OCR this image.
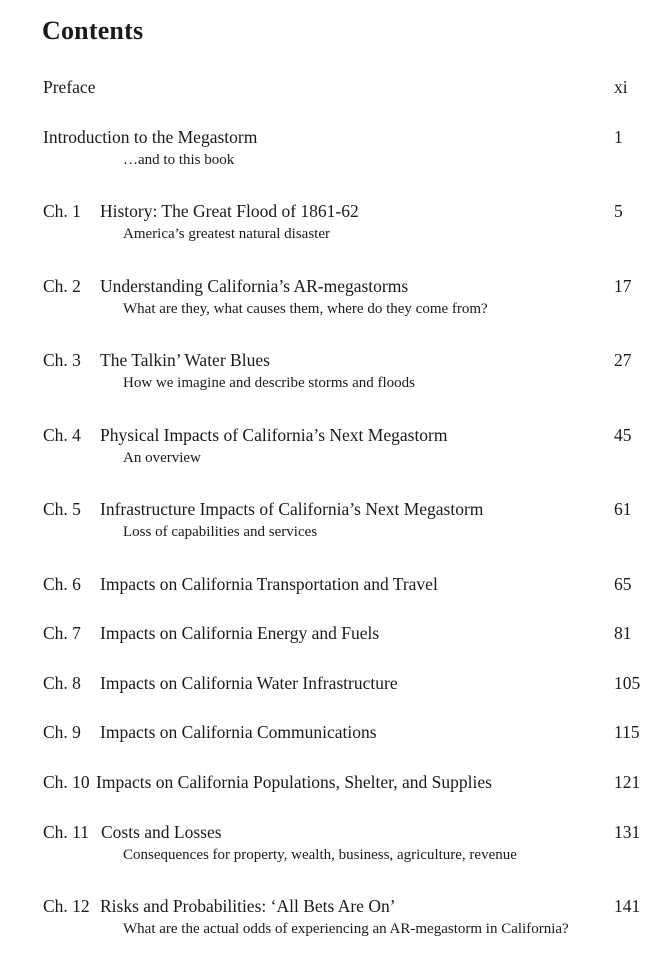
Contents
Preface	xi
Introduction to the Megastorm	1
…and to this book
Ch. 1 History: The Great Flood of 1861-62	5
America’s greatest natural disaster
Ch. 2 Understanding California’s AR-megastorms	17
What are they, what causes them, where do they come from?
Ch. 3 The Talkin’ Water Blues	27
How we imagine and describe storms and floods
Ch. 4 Physical Impacts of California’s Next Megastorm	45
An overview
Ch. 5 Infrastructure Impacts of California’s Next Megastorm	61
Loss of capabilities and services
Ch. 6 Impacts on California Transportation and Travel	65
Ch. 7 Impacts on California Energy and Fuels	81
Ch. 8 Impacts on California Water Infrastructure	105
Ch. 9 Impacts on California Communications	115
Ch. 10 Impacts on California Populations, Shelter, and Supplies	121
Ch. 11 Costs and Losses	131
Consequences for property, wealth, business, agriculture, revenue
Ch. 12 Risks and Probabilities: ‘All Bets Are On’	141
What are the actual odds of experiencing an AR-megastorm in California?
